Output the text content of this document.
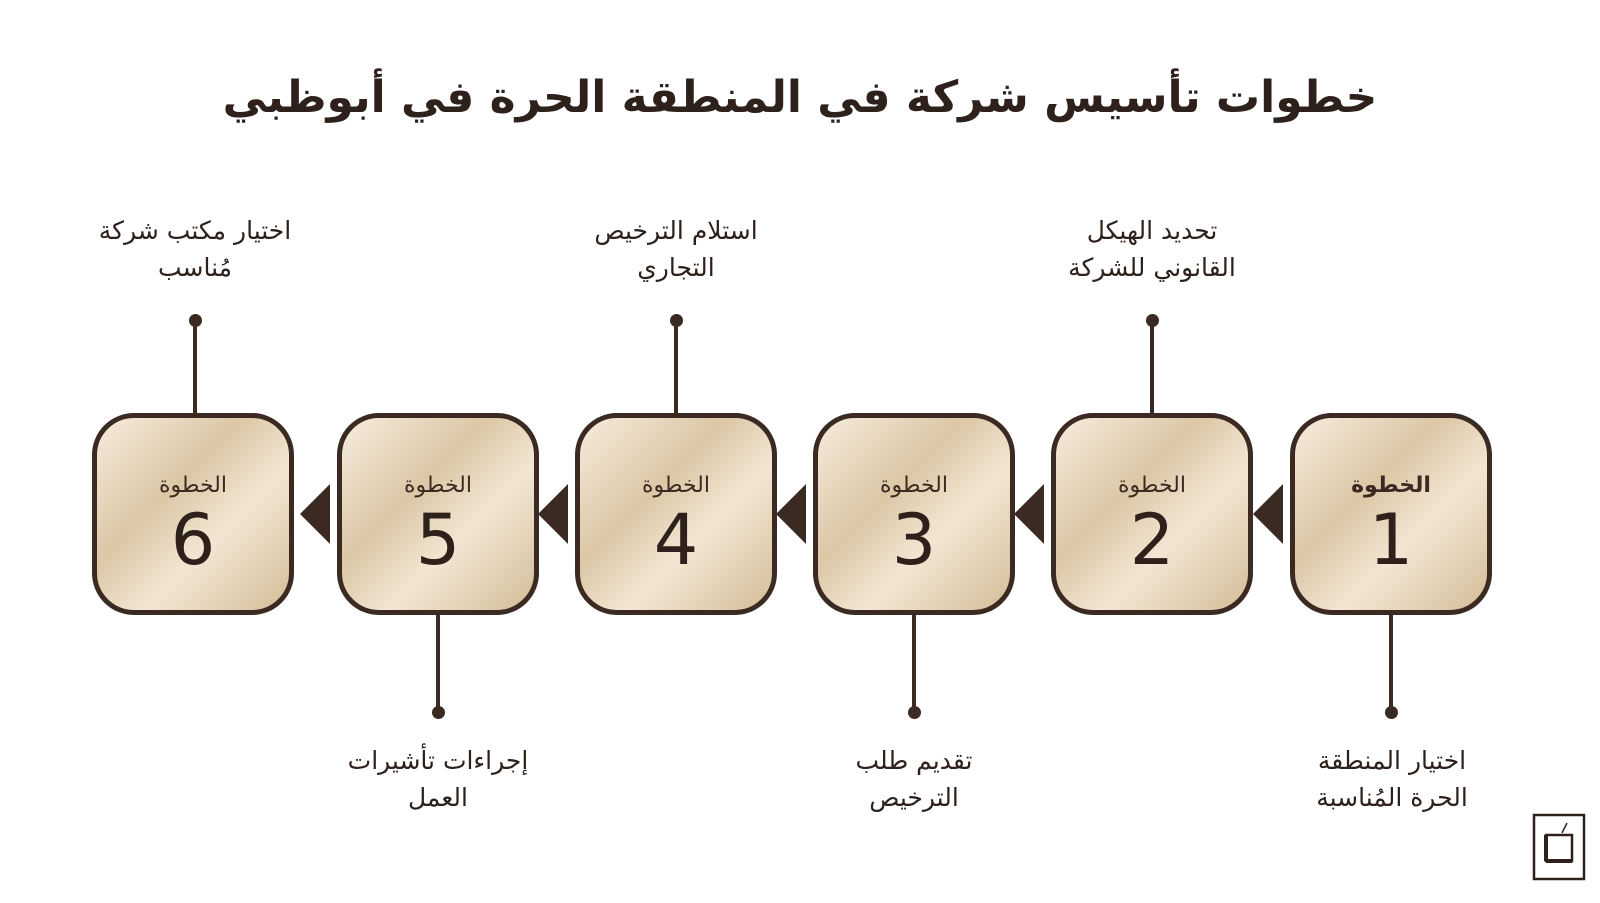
خطوات تأسيس شركة في المنطقة الحرة في أبوظبي
الخطوة
1
اختيار المنطقة
الحرة المُناسبة
الخطوة
2
تحديد الهيكل
القانوني للشركة
الخطوة
3
تقديم طلب
الترخيص
الخطوة
4
استلام الترخيص
التجاري
الخطوة
5
إجراءات تأشيرات
العمل
الخطوة
6
اختيار مكتب شركة
مُناسب
